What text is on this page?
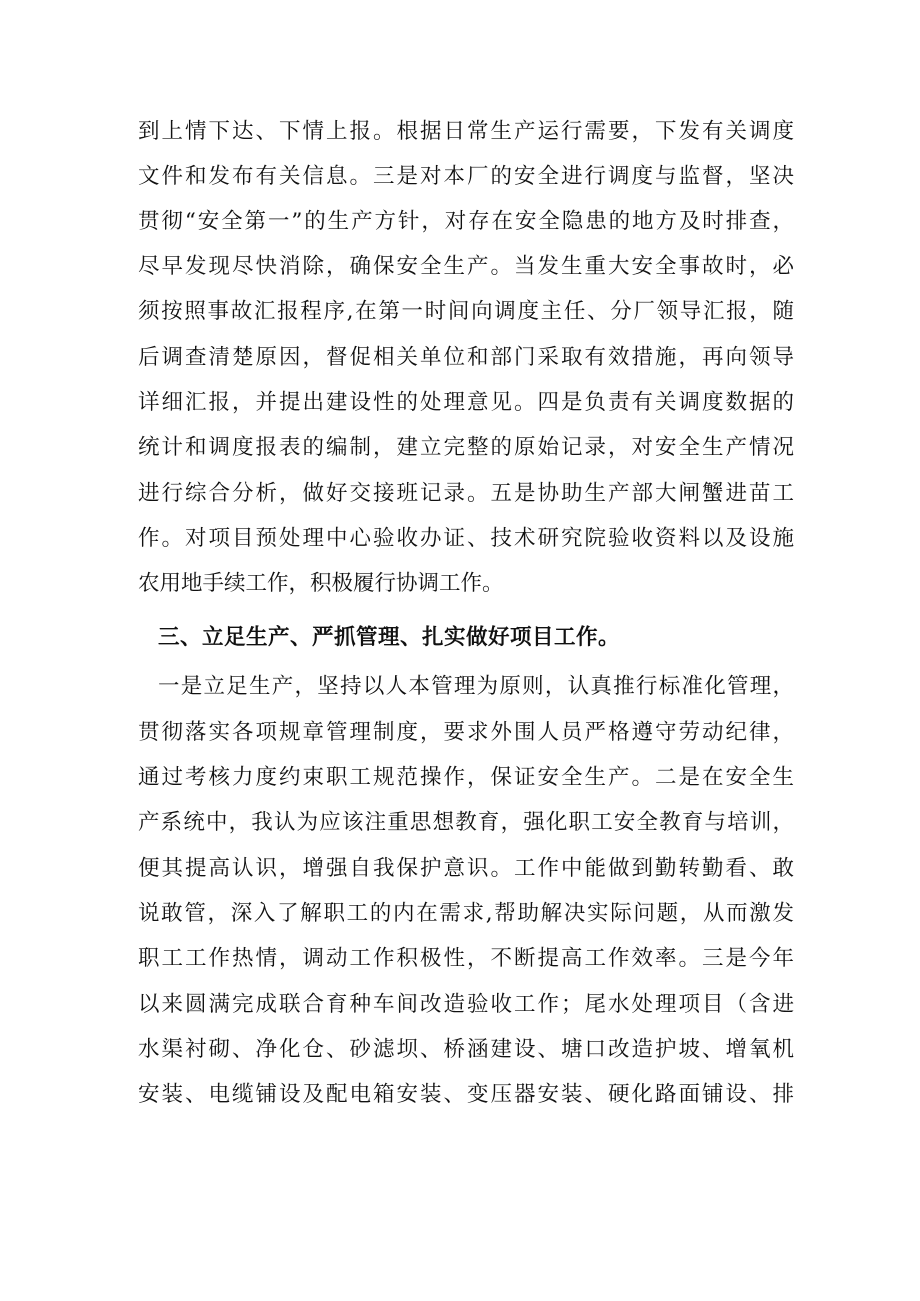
到上情下达、下情上报。根据日常生产运行需要，下发有关调度
文件和发布有关信息。三是对本厂的安全进行调度与监督，坚决
贯彻“安全第一”的生产方针，对存在安全隐患的地方及时排查，
尽早发现尽快消除，确保安全生产。当发生重大安全事故时，必
须按照事故汇报程序,在第一时间向调度主任、分厂领导汇报，随
后调查清楚原因，督促相关单位和部门采取有效措施，再向领导
详细汇报，并提出建设性的处理意见。四是负责有关调度数据的
统计和调度报表的编制，建立完整的原始记录，对安全生产情况
进行综合分析，做好交接班记录。五是协助生产部大闸蟹进苗工
作。对项目预处理中心验收办证、技术研究院验收资料以及设施
农用地手续工作，积极履行协调工作。
三、立足生产、严抓管理、扎实做好项目工作。
一是立足生产，坚持以人本管理为原则，认真推行标准化管理，
贯彻落实各项规章管理制度，要求外围人员严格遵守劳动纪律，
通过考核力度约束职工规范操作，保证安全生产。二是在安全生
产系统中，我认为应该注重思想教育，强化职工安全教育与培训，
便其提高认识，增强自我保护意识。工作中能做到勤转勤看、敢
说敢管，深入了解职工的内在需求,帮助解决实际问题，从而激发
职工工作热情，调动工作积极性，不断提高工作效率。三是今年
以来圆满完成联合育种车间改造验收工作；尾水处理项目（含进
水渠衬砌、净化仓、砂滤坝、桥涵建设、塘口改造护坡、增氧机
安装、电缆铺设及配电箱安装、变压器安装、硬化路面铺设、排
